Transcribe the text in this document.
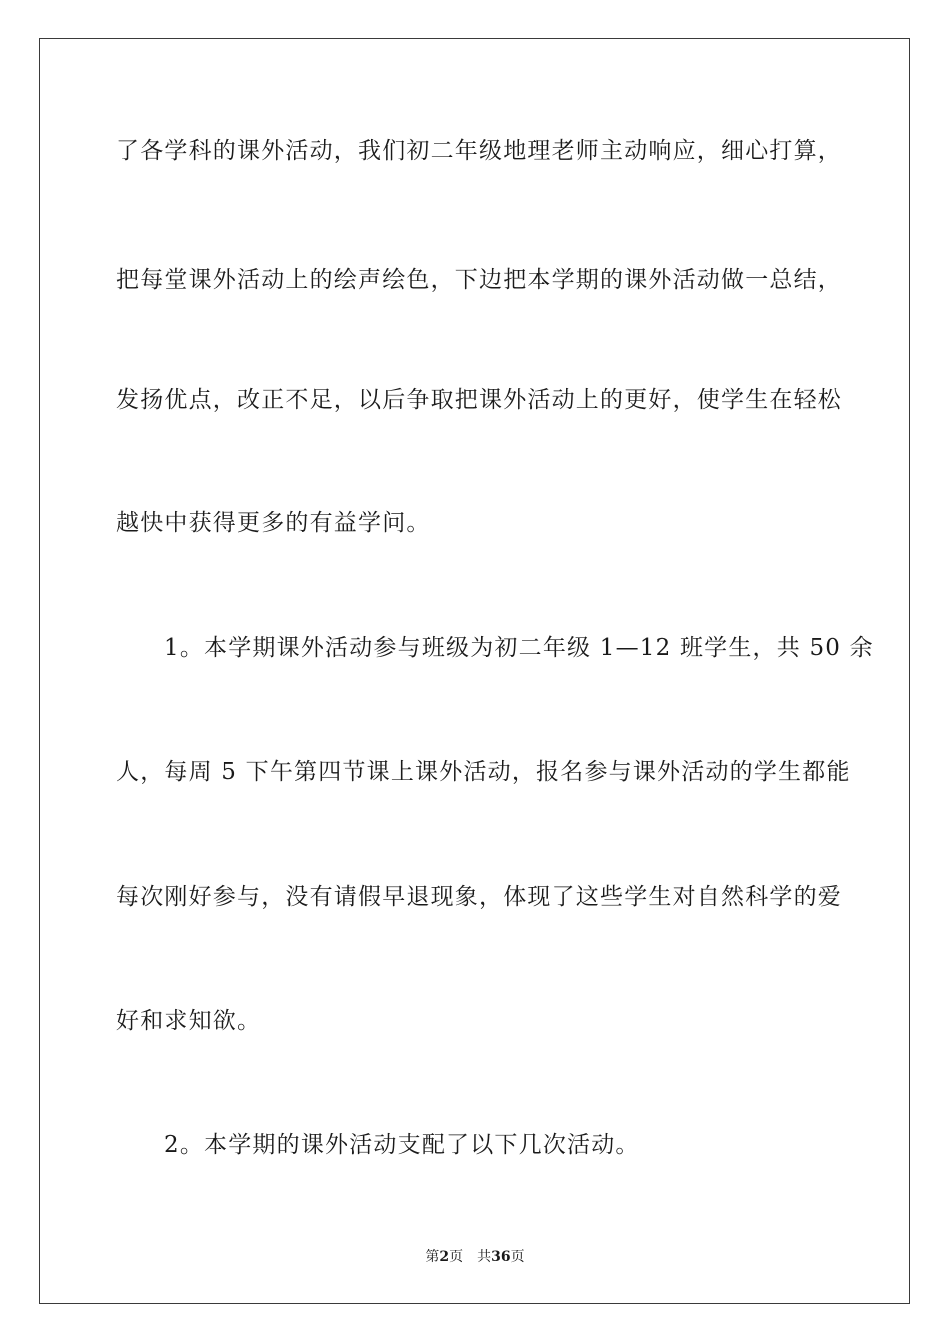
了各学科的课外活动，我们初二年级地理老师主动响应，细心打算，
把每堂课外活动上的绘声绘色，下边把本学期的课外活动做一总结，
发扬优点，改正不足，以后争取把课外活动上的更好，使学生在轻松
越快中获得更多的有益学问。
1。本学期课外活动参与班级为初二年级 1—12 班学生，共 50 余
人，每周 5 下午第四节课上课外活动，报名参与课外活动的学生都能
每次刚好参与，没有请假早退现象，体现了这些学生对自然科学的爱
好和求知欲。
2。本学期的课外活动支配了以下几次活动。
第2页 共36页
